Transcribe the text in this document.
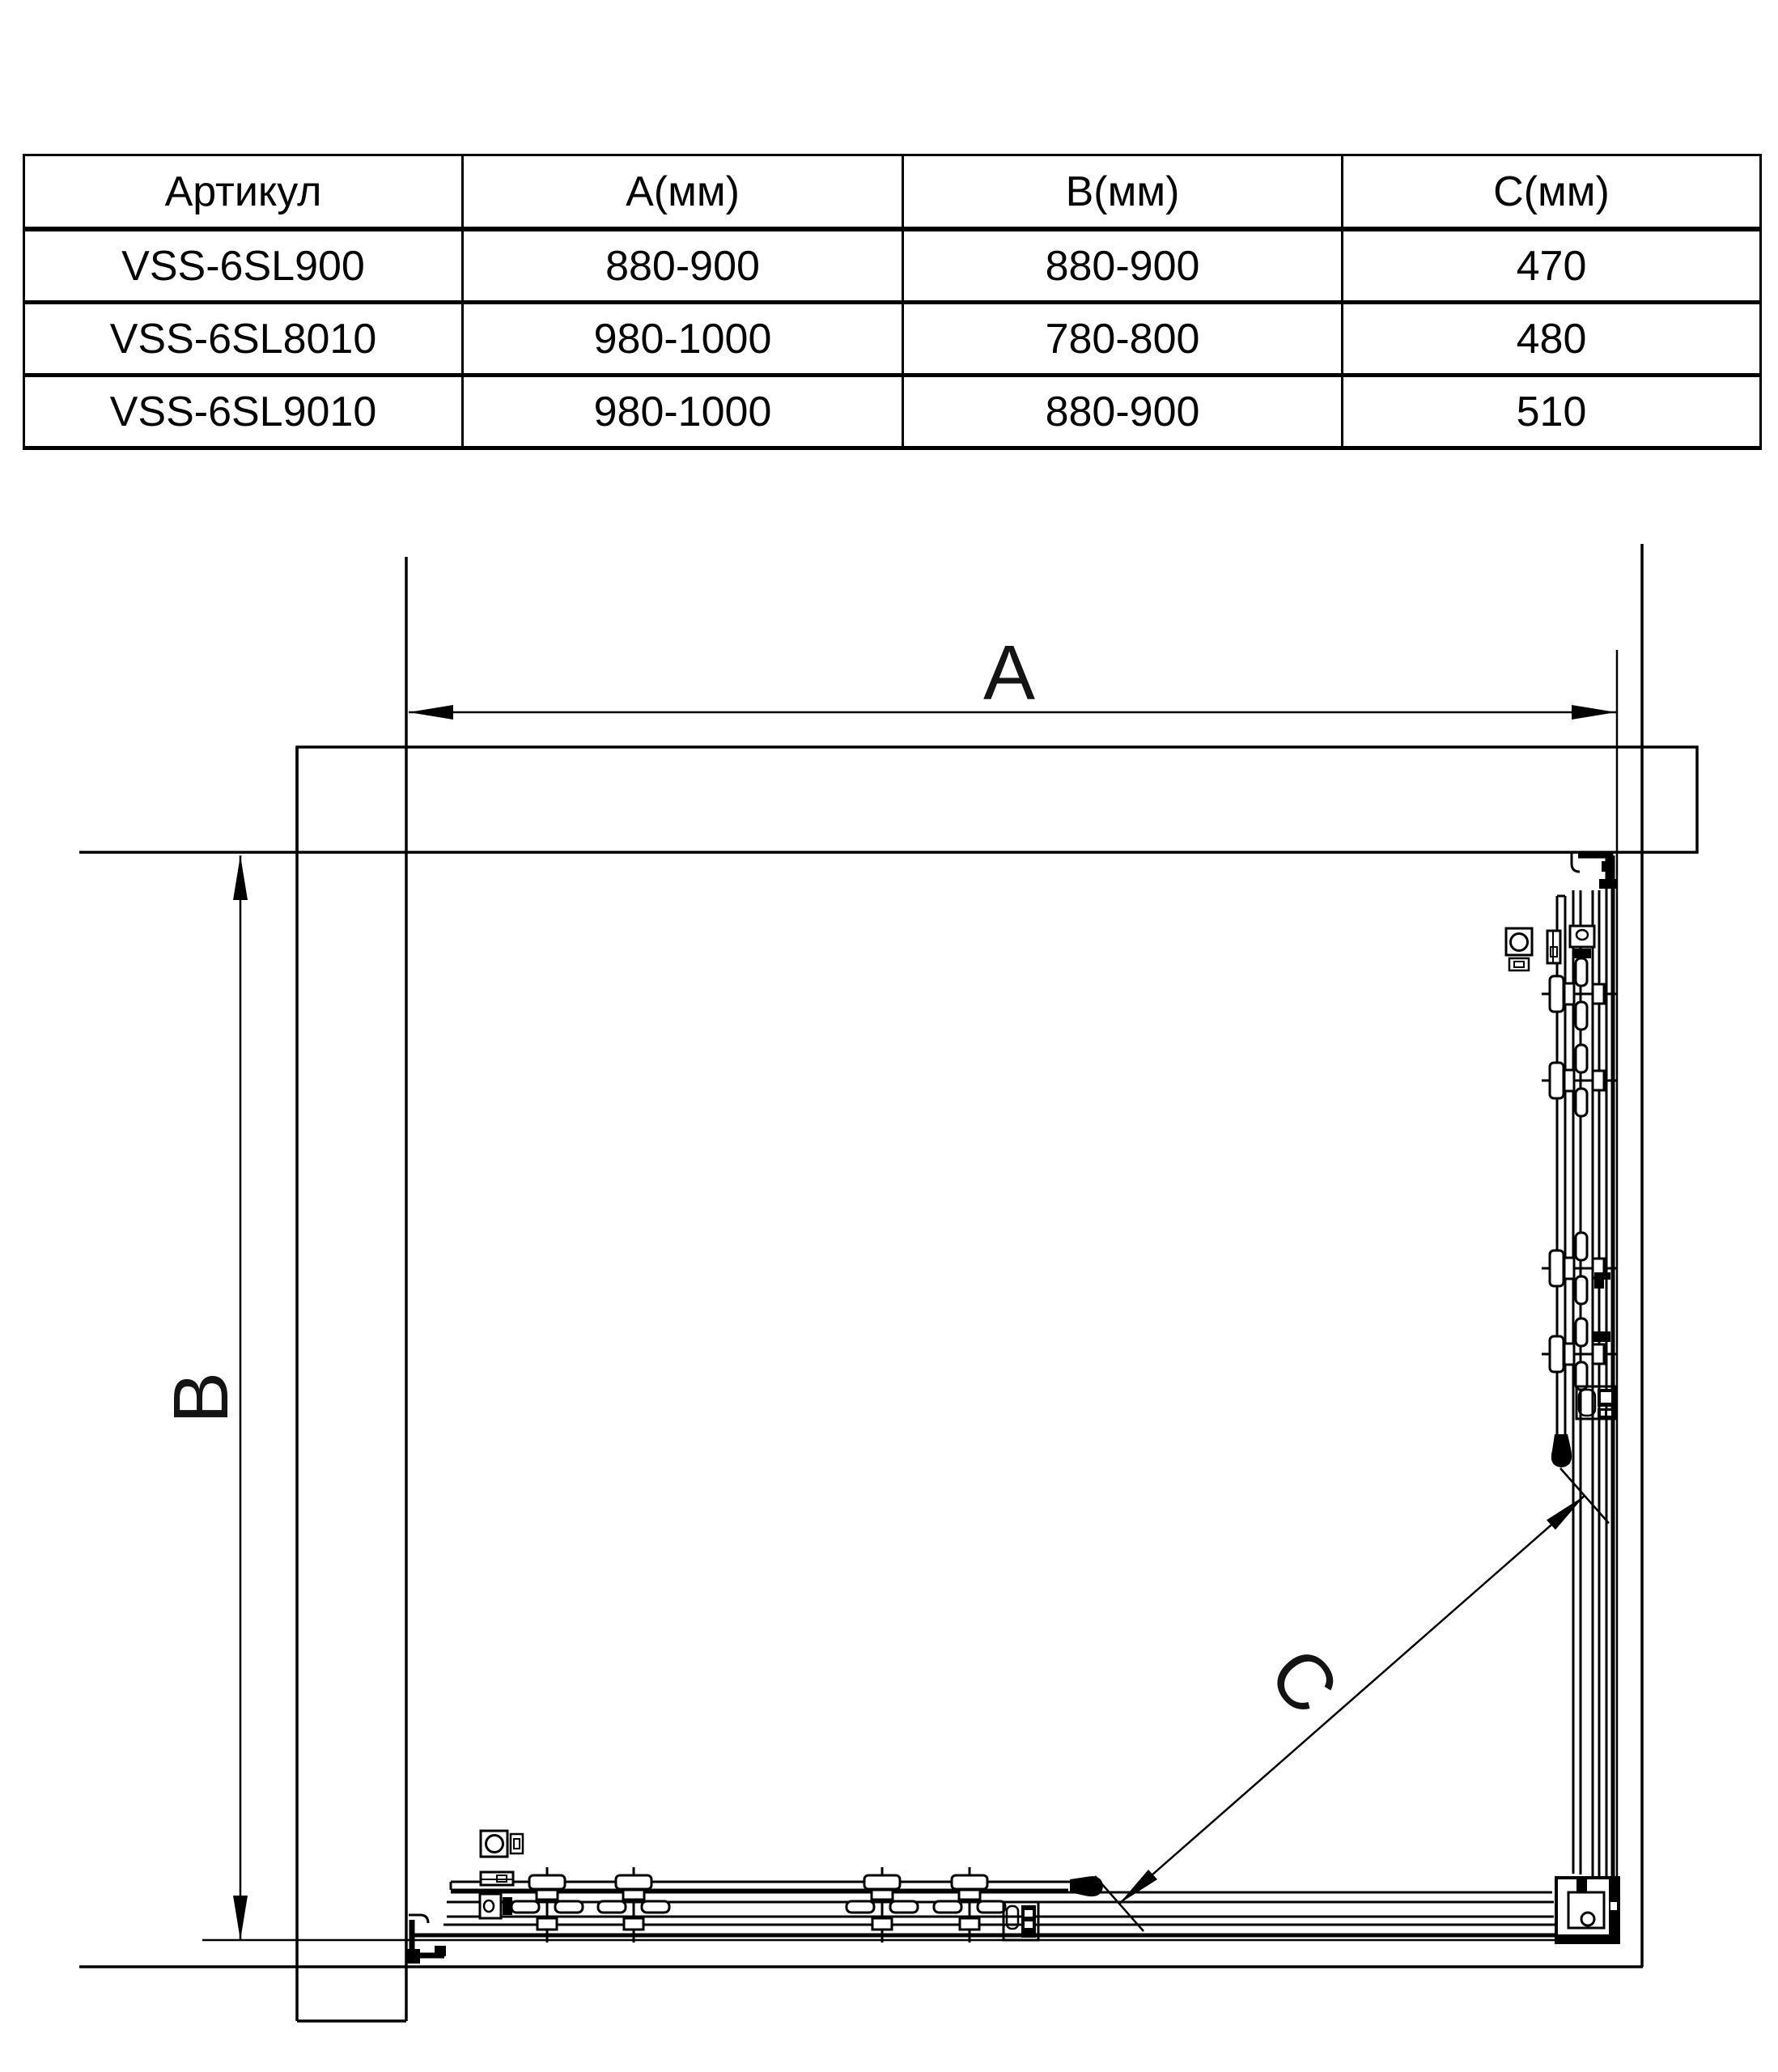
Артикул	A(мм)	B(мм)	C(мм)
VSS-6SL900	880-900	880-900	470
VSS-6SL8010	980-1000	780-800	480
VSS-6SL9010	980-1000	880-900	510
A
B
C
